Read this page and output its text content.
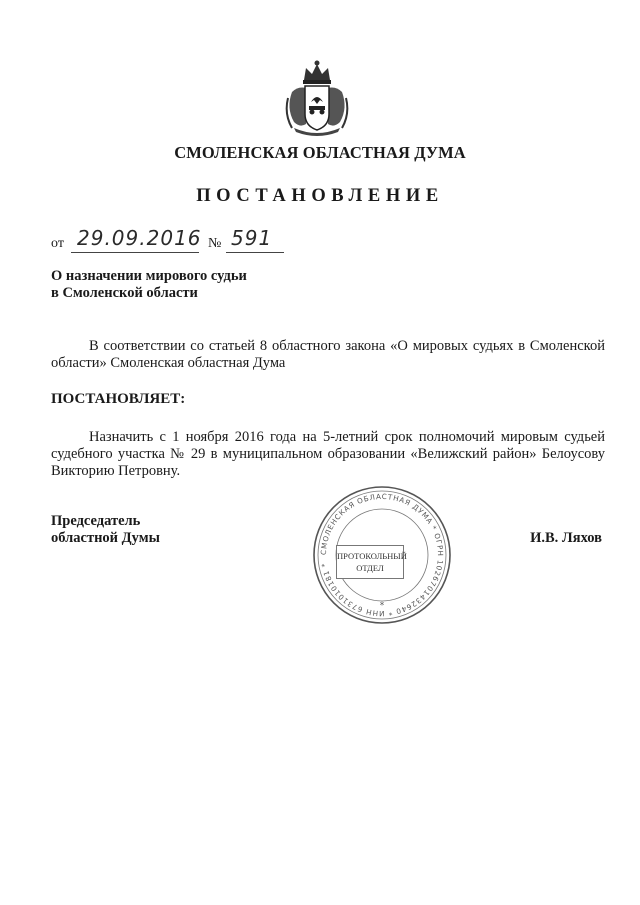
СМОЛЕНСКАЯ ОБЛАСТНАЯ ДУМА
ПОСТАНОВЛЕНИЕ
от 29.09.2016 № 591
О назначении мирового судьи
в Смоленской области
В соответствии со статьей 8 областного закона «О мировых судьях в Смоленской области» Смоленская областная Дума
ПОСТАНОВЛЯЕТ:
Назначить с 1 ноября 2016 года на 5-летний срок полномочий мировым судьей судебного участка № 29 в муниципальном образовании «Велижский район» Белоусову Викторию Петровну.
Председатель
областной Думы
СМОЛЕНСКАЯ ОБЛАСТНАЯ ДУМА * ОГРН 1026701432640 * ИНН 6731010181 *
*
ПРОТОКОЛЬНЫЙ
ОТДЕЛ
И.В. Ляхов
